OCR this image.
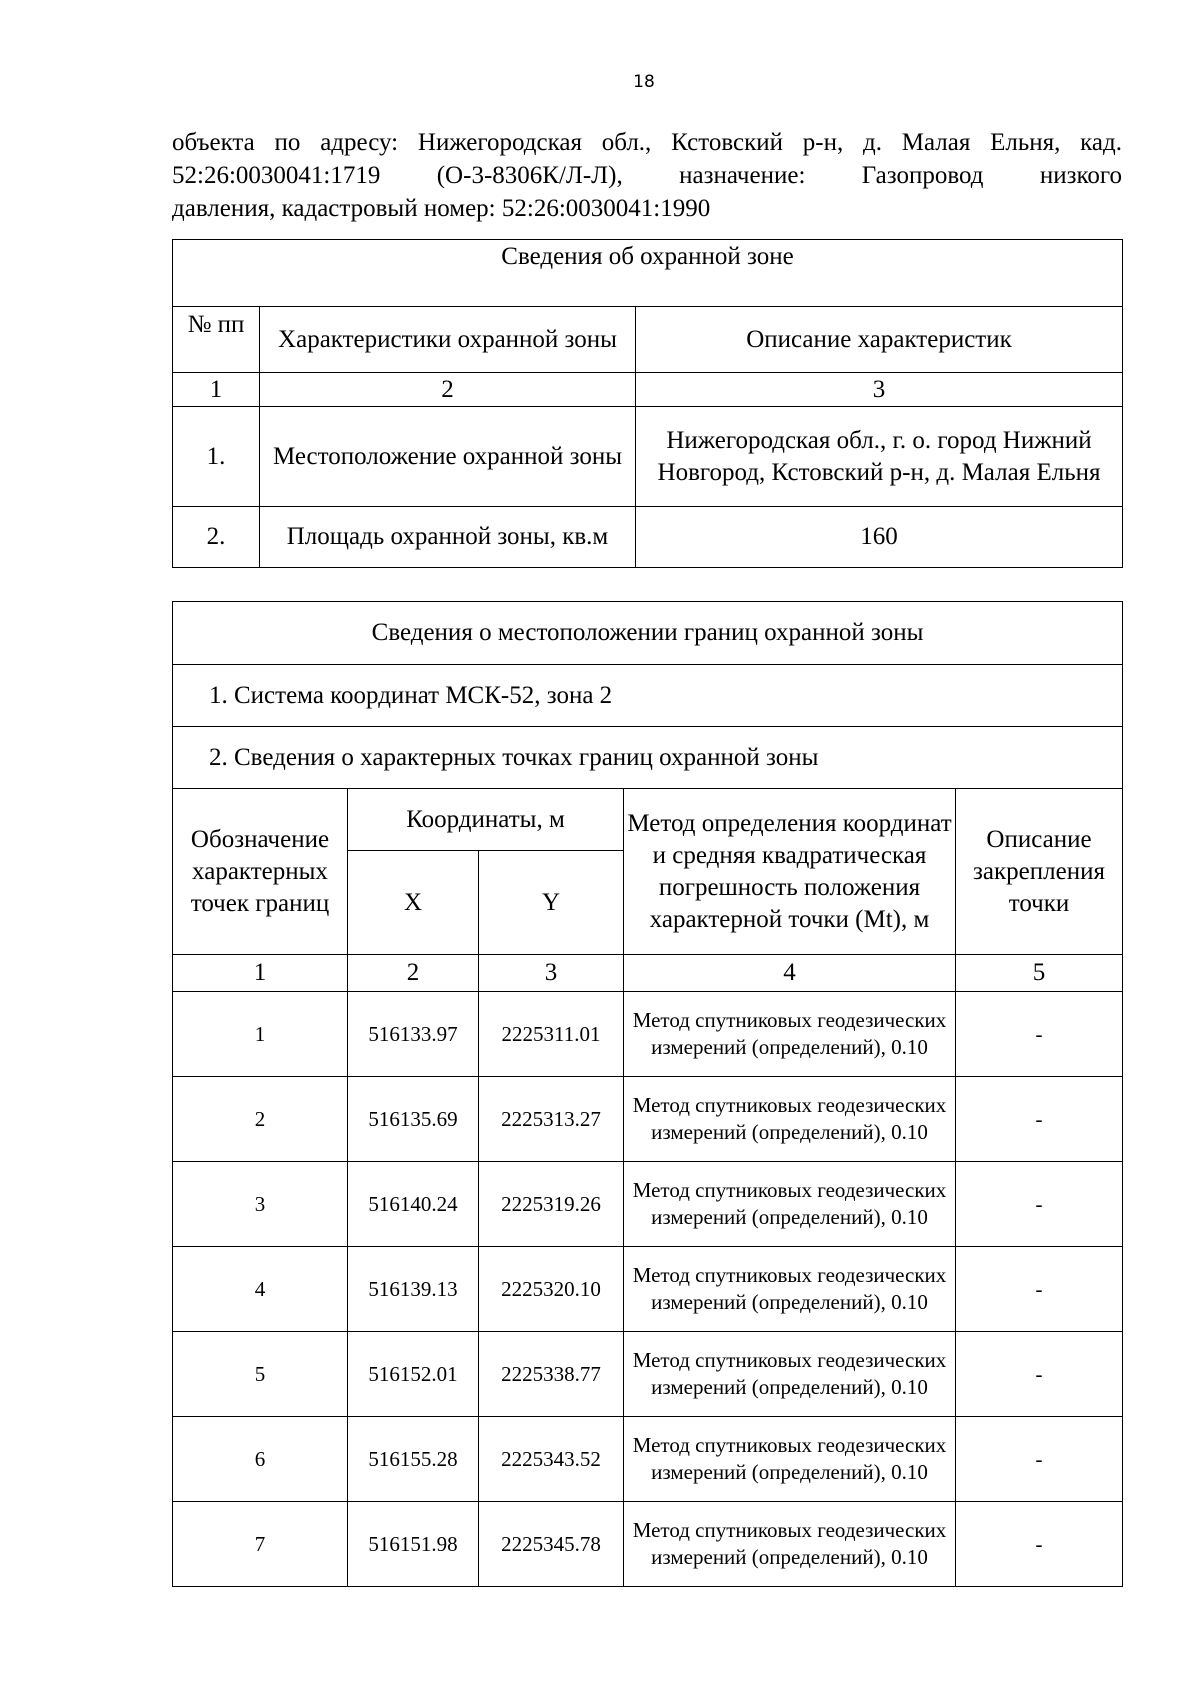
18
объекта по адресу: Нижегородская обл., Кстовский р-н, д. Малая Ельня, кад.
52:26:0030041:1719 (О-3-8306К/Л-Л), назначение: Газопровод низкого
давления, кадастровый номер: 52:26:0030041:1990
Сведения об охранной зоне		
№ пп	Характеристики охранной зоны	Описание характеристик
1	2	3
1.	Местоположение охранной зоны	Нижегородская обл., г. о. город Нижний Новгород, Кстовский р-н, д. Малая Ельня
2.	Площадь охранной зоны, кв.м	160
Сведения о местоположении границ охранной зоны				
1. Система координат МСК-52, зона 2				
2. Сведения о характерных точках границ охранной зоны				
Обозначение характерных точек границ	Координаты, м		Метод определения координат и средняя квадратическая погрешность положения характерной точки (Mt), м	Описание закрепления точки
	X	Y		
1	2	3	4	5
1	516133.97	2225311.01	Метод спутниковых геодезических измерений (определений), 0.10	-
2	516135.69	2225313.27	Метод спутниковых геодезических измерений (определений), 0.10	-
3	516140.24	2225319.26	Метод спутниковых геодезических измерений (определений), 0.10	-
4	516139.13	2225320.10	Метод спутниковых геодезических измерений (определений), 0.10	-
5	516152.01	2225338.77	Метод спутниковых геодезических измерений (определений), 0.10	-
6	516155.28	2225343.52	Метод спутниковых геодезических измерений (определений), 0.10	-
7	516151.98	2225345.78	Метод спутниковых геодезических измерений (определений), 0.10	-
